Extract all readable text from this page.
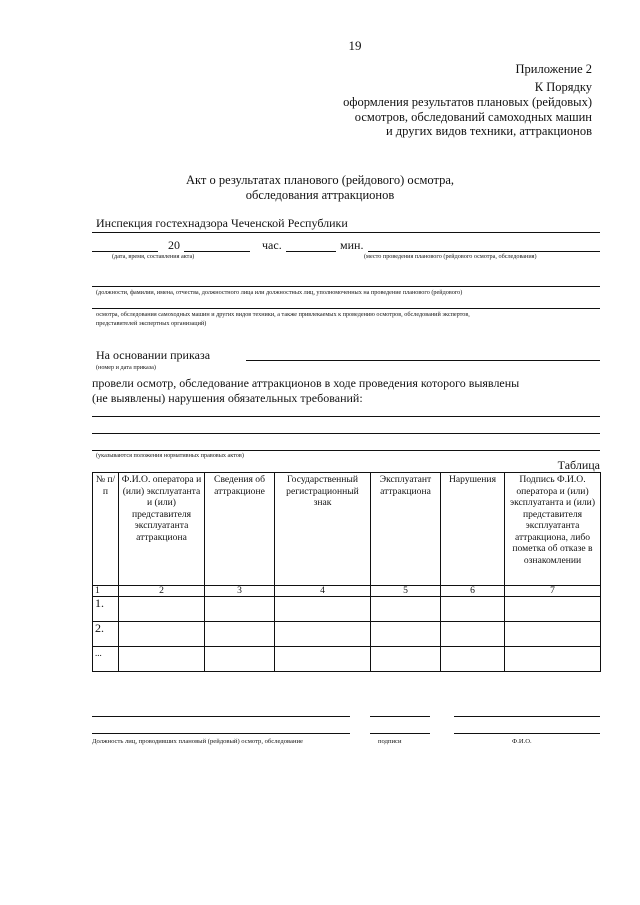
19
Приложение 2
К Порядку
оформления результатов плановых (рейдовых)
осмотров, обследований самоходных машин
и других видов техники, аттракционов
Акт о результатах планового (рейдового) осмотра,
обследования аттракционов
Инспекция гостехнадзора Чеченской Республики
20	час.	мин.
(дата, время, составления акта)	(место проведения планового (рейдового осмотра, обследования)
(должности, фамилии, имена, отчества, должностного лица или должностных лиц, уполномоченных на проведение планового (рейдового)
осмотра, обследования самоходных машин и других видов техники, а также привлекаемых к проведению осмотров, обследований экспертов,
представителей экспертных организаций)
На основании приказа
(номер и дата приказа)
провели осмотр, обследование аттракционов в ходе проведения которого выявлены
(не выявлены) нарушения обязательных требований:
(указываются положения нормативных правовых актов)
Таблица
№ п/п	Ф.И.О. оператора и (или) эксплуатанта и (или) представителя эксплуатанта аттракциона	Сведения об аттракционе	Государственный регистрационный знак	Эксплуатант аттракциона	Нарушения	Подпись Ф.И.О. оператора и (или) эксплуатанта и (или) представителя эксплуатанта аттракциона, либо пометка об отказе в ознакомлении
1	2	3	4	5	6	7
1.						
2.						
...						
Должность лиц, проводивших плановый (рейдовый) осмотр, обследование	подписи	Ф.И.О.
